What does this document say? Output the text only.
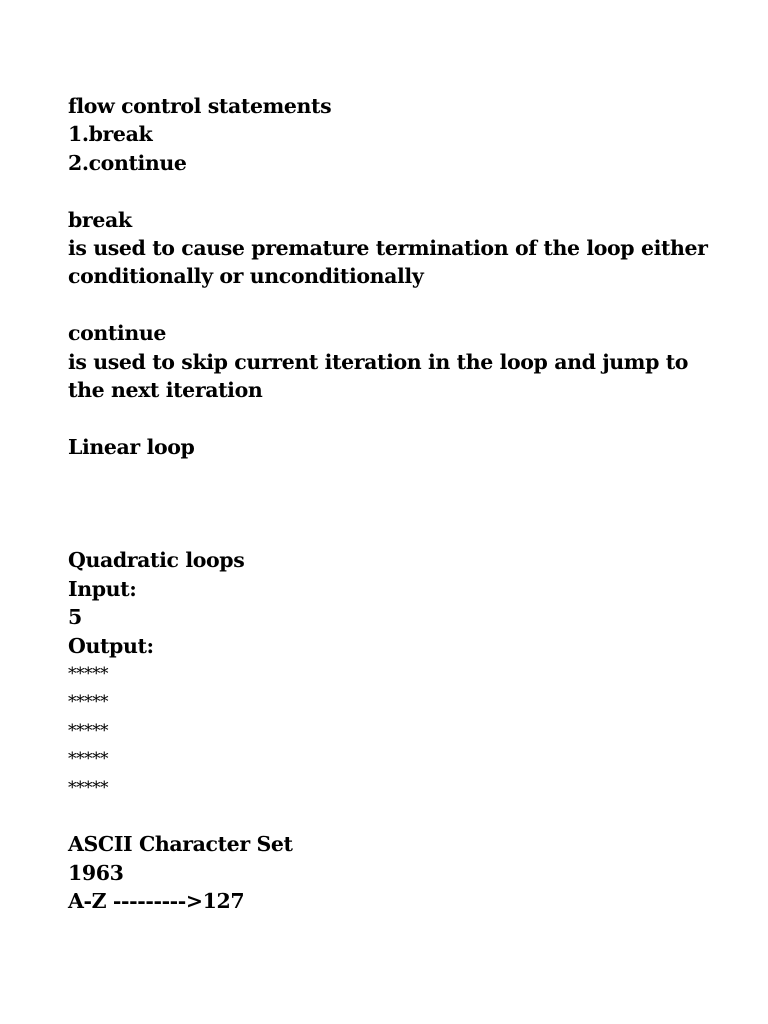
flow control statements
1.break
2.continue
break
is used to cause premature termination of the loop either conditionally or unconditionally
continue
is used to skip current iteration in the loop and jump to the next iteration
Linear loop
Quadratic loops
Input:
5
Output:
*****
*****
*****
*****
*****
ASCII Character Set
1963
A-Z --------->127
